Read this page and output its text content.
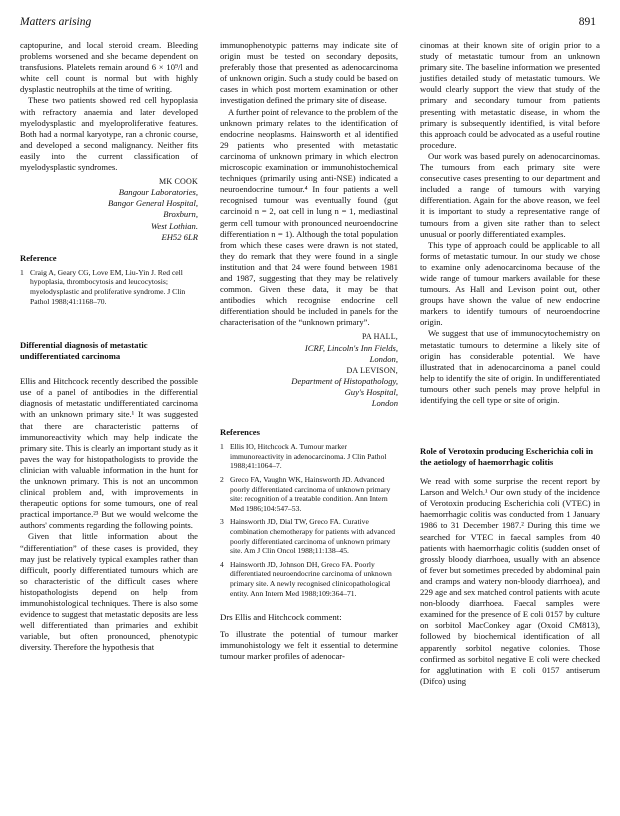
Matters arising	891

captopurine, and local steroid cream. Bleeding problems worsened and she became dependent on transfusions. Platelets remain around 6 × 10⁹/l and white cell count is normal but with highly dysplastic neutrophils at the time of writing.

These two patients showed red cell hypoplasia with refractory anaemia and later developed myelodysplastic and myeloproliferative features. Both had a normal karyotype, ran a chronic course, and developed a second malignancy. Neither fits easily into the current classification of myelodysplastic syndromes.

MK COOK
Bangour Laboratories,
Bangor General Hospital,
Broxburn,
West Lothian.
EH52 6LR
Reference
1 Craig A, Geary CG, Love EM, Liu-Yin J. Red cell hypoplasia, thrombocytosis and leucocytosis; myelodysplastic and proliferative syndrome. J Clin Pathol 1988;41:1168–70.
Differential diagnosis of metastatic undifferentiated carcinoma

Ellis and Hitchcock recently described the possible use of a panel of antibodies in the differential diagnosis of metastatic undifferentiated carcinoma with an unknown primary site.¹ It was suggested that there are characteristic patterns of immunoreactivity which may help indicate the primary site. This is clearly an important study as it paves the way for histopathologists to provide the clinician with valuable information in the hunt for the unknown primary. This is not an uncommon clinical problem and, with improvements in therapeutic options for some tumours, one of real practical importance.²³ But we would welcome the authors' comments regarding the following points.

Given that little information about the “differentiation” of these cases is provided, they may just be relatively typical examples rather than difficult, poorly differentiated tumours which are so characteristic of the difficult cases where histopathologists depend on help from immunohistological techniques. There is also some evidence to suggest that metastatic deposits are less well differentiated than primaries and exhibit variable, but often pronounced, phenotypic diversity. Therefore the hypothesis that

immunophenotypic patterns may indicate site of origin must be tested on secondary deposits, preferably those that presented as adenocarcinoma of unknown origin. Such a study could be based on cases in which post mortem examination or other investigation defined the primary site of disease.

A further point of relevance to the problem of the unknown primary relates to the identification of endocrine neoplasms. Hainsworth et al identified 29 patients who presented with metastatic carcinoma of unknown primary in which electron microscopic examination or immunohistochemical techniques (primarily using anti-NSE) indicated a neuroendocrine tumour.⁴ In four patients a well recognised tumour was eventually found (gut carcinoid n = 2, oat cell in lung n = 1, mediastinal germ cell tumour with pronounced neuroendocrine differentiation n = 1). Although the total population from which these cases were drawn is not stated, they do remark that they were found in a single institution and that 24 were found between 1981 and 1987, suggesting that they may be relatively common. Given these data, it may be that antibodies which recognise endocrine cell differentiation should be included in panels for the characterisation of the “unknown primary”.

PA HALL,
ICRF, Lincoln's Inn Fields,
London,
DA LEVISON,
Department of Histopathology,
Guy's Hospital,
London
References
1 Ellis IO, Hitchcock A. Tumour marker immunoreactivity in adenocarcinoma. J Clin Pathol 1988;41:1064–7.
2 Greco FA, Vaughn WK, Hainsworth JD. Advanced poorly differentiated carcinoma of unknown primary site: recognition of a treatable condition. Ann Intern Med 1986;104:547–53.
3 Hainsworth JD, Dial TW, Greco FA. Curative combination chemotherapy for patients with advanced poorly differentiated carcinoma of unknown primary site. Am J Clin Oncol 1988;11:138–45.
4 Hainsworth JD, Johnson DH, Greco FA. Poorly differentiated neuroendocrine carcinoma of unknown primary site. A newly recognised clinicopathological entity. Ann Intern Med 1988;109:364–71.
Drs Ellis and Hitchcock comment:

To illustrate the potential of tumour marker immunohistology we felt it essential to determine tumour marker profiles of adenocar-

cinomas at their known site of origin prior to a study of metastatic tumour from an unknown primary site. The baseline information we presented justifies detailed study of metastatic tumours. We would clearly support the view that study of the primary and secondary tumour from patients presenting with metastatic disease, in whom the primary is subsequently identified, is vital before this approach could be advocated as a useful routine procedure.

Our work was based purely on adenocarcinomas. The tumours from each primary site were consecutive cases presenting to our department and included a range of tumours with varying differentiation. Again for the above reason, we feel it is important to study a representative range of tumours from a given site rather than to select unusual or poorly differentiated examples.

This type of approach could be applicable to all forms of metastatic tumour. In our study we chose to examine only adenocarcinoma because of the wide range of tumour markers available for these tumours. As Hall and Levison point out, other groups have shown the value of new endocrine markers to identify tumours of neuroendocrine origin.

We suggest that use of immunocytochemistry on metastatic tumours to determine a likely site of origin has considerable potential. We have illustrated that in adenocarcinoma a panel could help to identify the site of origin. In undifferentiated tumours other such penels may prove helpful in identifying the cell type or site of origin.

Role of Verotoxin producing Escherichia coli in the aetiology of haemorrhagic colitis

We read with some surprise the recent report by Larson and Welch.¹ Our own study of the incidence of Verotoxin producing Escherichia coli (VTEC) in haemorrhagic colitis was conducted from 1 January 1986 to 31 December 1987.² During this time we searched for VTEC in faecal samples from 40 patients with haemorrhagic colitis (sudden onset of grossly bloody diarrhoea, usually with an absence of fever but sometimes preceded by abdominal pain and cramps and watery non-bloody diarrhoea), and 229 age and sex matched control patients with acute non-bloody diarrhoea. Faecal samples were examined for the presence of E coli 0157 by culture on sorbitol MacConkey agar (Oxoid CM813), followed by biochemical identification of all apparently sorbitol negative colonies. Those confirmed as sorbitol negative E coli were checked for agglutination with E coli 0157 antiserum (Difco) using
